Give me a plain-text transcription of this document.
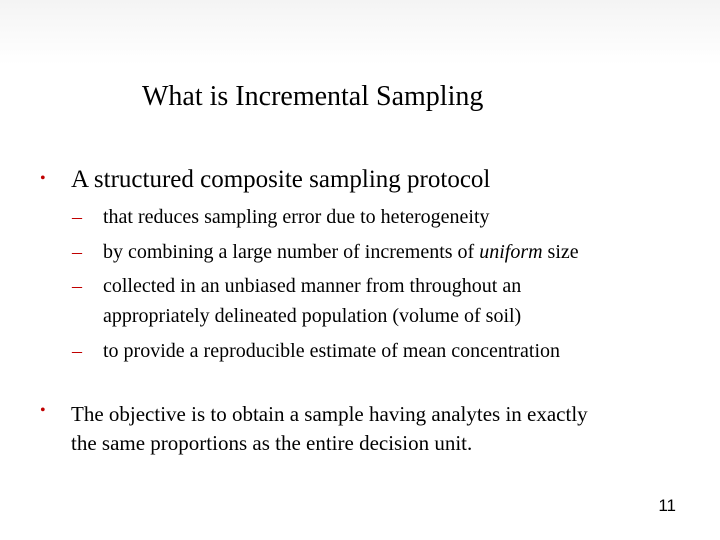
What is Incremental Sampling
• A structured composite sampling protocol
– that reduces sampling error due to heterogeneity
– by combining a large number of increments of uniform size
– collected in an unbiased manner from throughout an
appropriately delineated population (volume of soil)
– to provide a reproducible estimate of mean concentration
• The objective is to obtain a sample having analytes in exactly
the same proportions as the entire decision unit.
11
